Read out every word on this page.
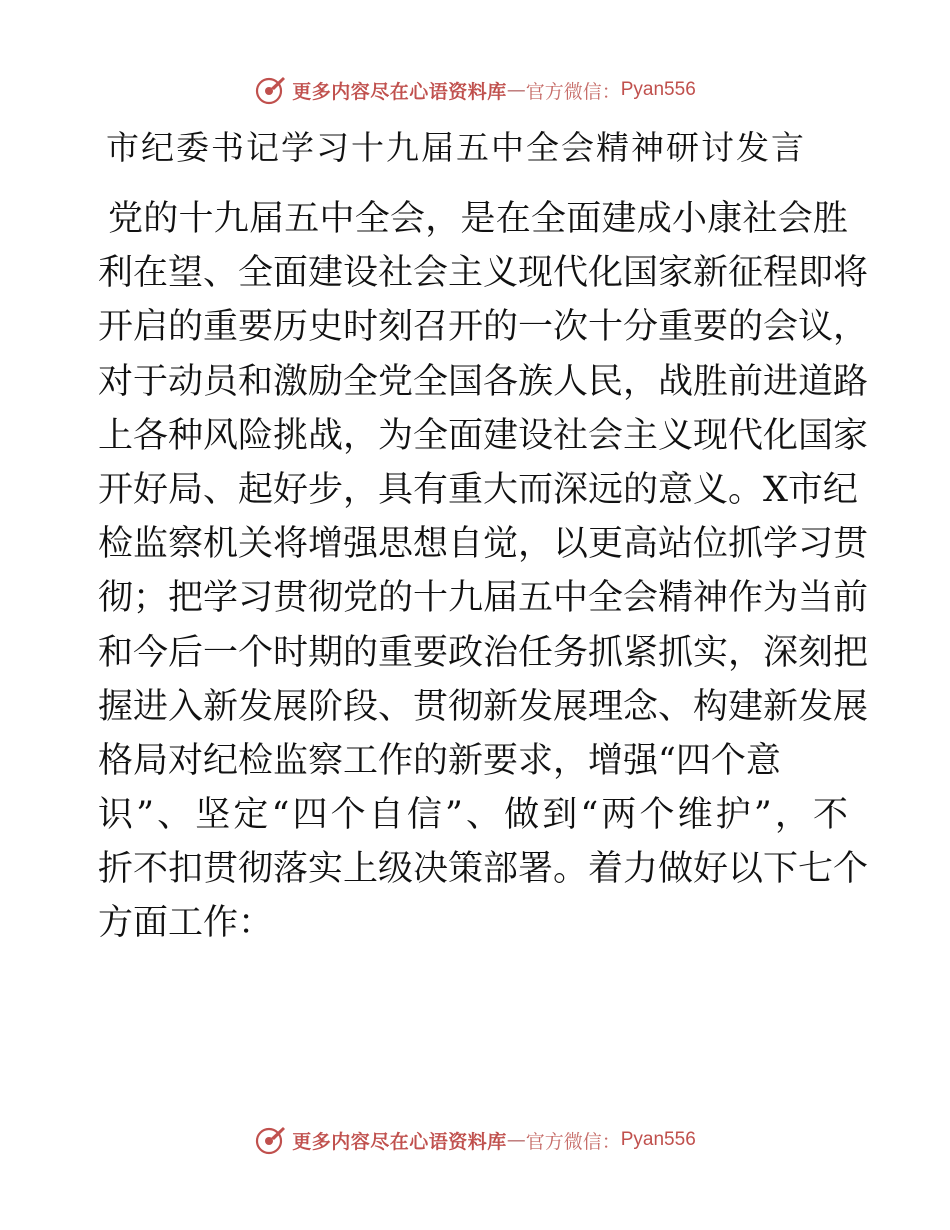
更多内容尽在心语资料库 — 官方微信： Pyan556
市纪委书记学习十九届五中全会精神研讨发言
党的十九届五中全会，是在全面建成小康社会胜
利在望、全面建设社会主义现代化国家新征程即将
开启的重要历史时刻召开的一次十分重要的会议，
对于动员和激励全党全国各族人民，战胜前进道路
上各种风险挑战，为全面建设社会主义现代化国家
开好局、起好步，具有重大而深远的意义。X市纪
检监察机关将增强思想自觉，以更高站位抓学习贯
彻；把学习贯彻党的十九届五中全会精神作为当前
和今后一个时期的重要政治任务抓紧抓实，深刻把
握进入新发展阶段、贯彻新发展理念、构建新发展
格局对纪检监察工作的新要求，增强“四个意
识”、坚定“四个自信”、做到“两个维护”，不
折不扣贯彻落实上级决策部署。着力做好以下七个
方面工作：
更多内容尽在心语资料库 — 官方微信： Pyan556
